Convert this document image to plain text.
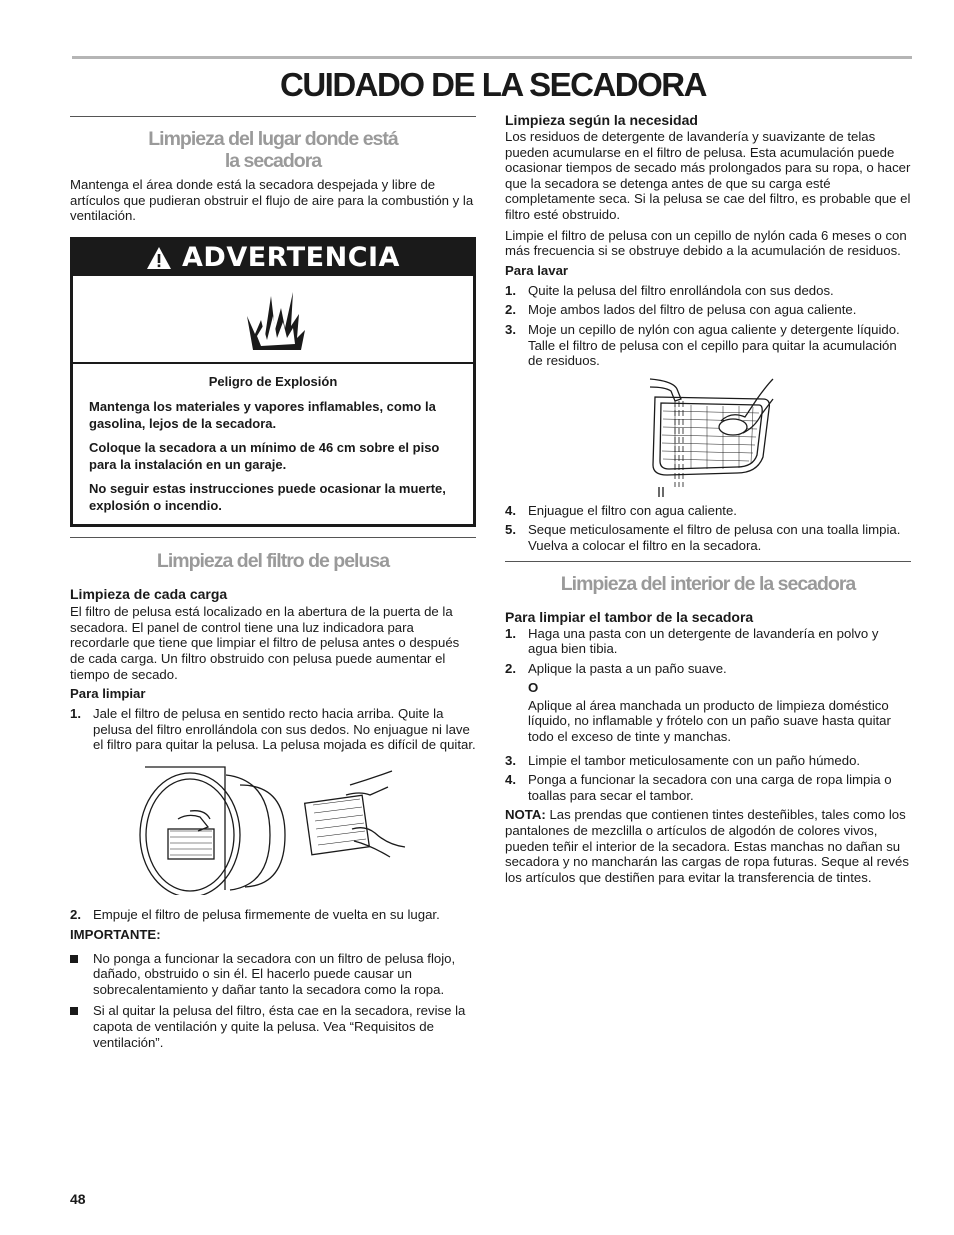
CUIDADO DE LA SECADORA
Limpieza del lugar donde está
la secadora

Mantenga el área donde está la secadora despejada y libre de artículos que pudieran obstruir el flujo de aire para la combustión y la ventilación.

ADVERTENCIA

Peligro de Explosión

Mantenga los materiales y vapores inflamables, como la gasolina, lejos de la secadora.

Coloque la secadora a un mínimo de 46 cm sobre el piso para la instalación en un garaje.

No seguir estas instrucciones puede ocasionar la muerte, explosión o incendio.

Limpieza del filtro de pelusa
Limpieza de cada carga

El filtro de pelusa está localizado en la abertura de la puerta de la secadora. El panel de control tiene una luz indicadora para recordarle que tiene que limpiar el filtro de pelusa antes o después de cada carga. Un filtro obstruido con pelusa puede aumentar el tiempo de secado.

Para limpiar
1. Jale el filtro de pelusa en sentido recto hacia arriba. Quite la pelusa del filtro enrollándola con sus dedos. No enjuague ni lave el filtro para quitar la pelusa. La pelusa mojada es difícil de quitar.
2. Empuje el filtro de pelusa firmemente de vuelta en su lugar.
IMPORTANTE:
No ponga a funcionar la secadora con un filtro de pelusa flojo, dañado, obstruido o sin él. El hacerlo puede causar un sobrecalentamiento y dañar tanto la secadora como la ropa.
Si al quitar la pelusa del filtro, ésta cae en la secadora, revise la capota de ventilación y quite la pelusa. Vea “Requisitos de ventilación”.
Limpieza según la necesidad

Los residuos de detergente de lavandería y suavizante de telas pueden acumularse en el filtro de pelusa. Esta acumulación puede ocasionar tiempos de secado más prolongados para su ropa, o hacer que la secadora se detenga antes de que su carga esté completamente seca. Si la pelusa se cae del filtro, es probable que el filtro esté obstruido.

Limpie el filtro de pelusa con un cepillo de nylón cada 6 meses o con más frecuencia si se obstruye debido a la acumulación de residuos.

Para lavar
1. Quite la pelusa del filtro enrollándola con sus dedos.
2. Moje ambos lados del filtro de pelusa con agua caliente.
3. Moje un cepillo de nylón con agua caliente y detergente líquido. Talle el filtro de pelusa con el cepillo para quitar la acumulación de residuos.
4. Enjuague el filtro con agua caliente.
5. Seque meticulosamente el filtro de pelusa con una toalla limpia. Vuelva a colocar el filtro en la secadora.
Limpieza del interior de la secadora
Para limpiar el tambor de la secadora
1. Haga una pasta con un detergente de lavandería en polvo y agua bien tibia.
2. Aplique la pasta a un paño suave.

O

Aplique al área manchada un producto de limpieza doméstico líquido, no inflamable y frótelo con un paño suave hasta quitar todo el exceso de tinte y manchas.

3. Limpie el tambor meticulosamente con un paño húmedo.
4. Ponga a funcionar la secadora con una carga de ropa limpia o toallas para secar el tambor.

NOTA: Las prendas que contienen tintes desteñibles, tales como los pantalones de mezclilla o artículos de algodón de colores vivos, pueden teñir el interior de la secadora. Estas manchas no dañan su secadora y no mancharán las cargas de ropa futuras. Seque al revés los artículos que destiñen para evitar la transferencia de tintes.

48
